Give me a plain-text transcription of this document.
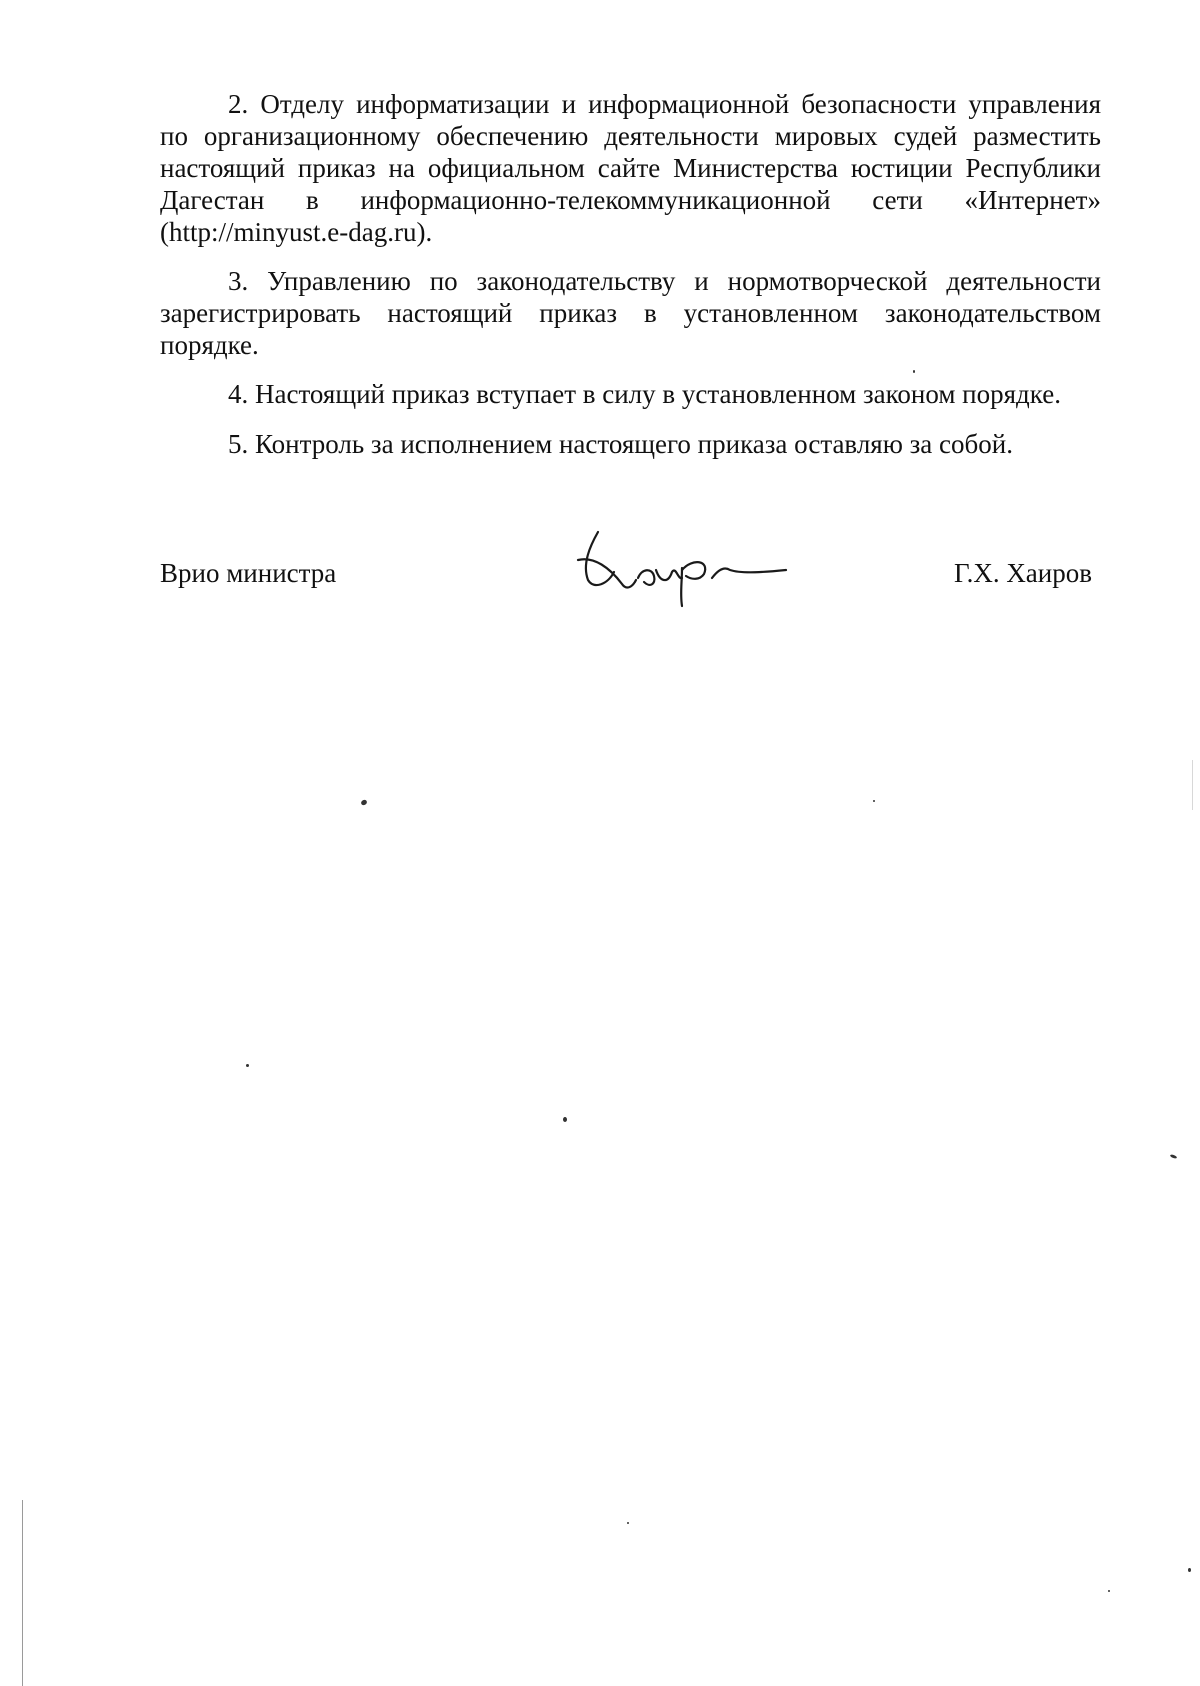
2. Отделу информатизации и информационной безопасности управления по организационному обеспечению деятельности мировых судей разместить настоящий приказ на официальном сайте Министерства юстиции Республики Дагестан в информационно-телекоммуникационной сети «Интернет» (http://minyust.e-dag.ru).

3. Управлению по законодательству и нормотворческой деятельности зарегистрировать настоящий приказ в установленном законодательством порядке.

4. Настоящий приказ вступает в силу в установленном законом порядке.

5. Контроль за исполнением настоящего приказа оставляю за собой.

Врио министра	Г.Х. Хаиров
